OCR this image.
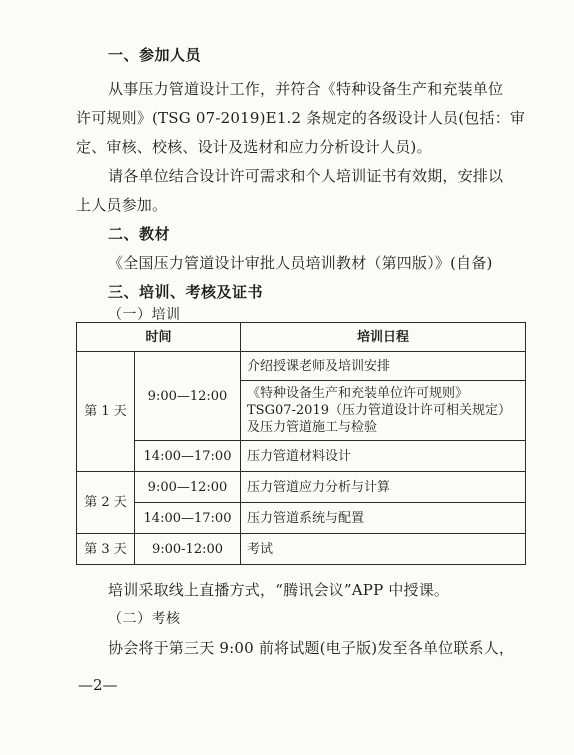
一、参加人员
从事压力管道设计工作，并符合《特种设备生产和充装单位
许可规则》(TSG 07-2019)E1.2 条规定的各级设计人员(包括：审
定、审核、校核、设计及选材和应力分析设计人员)。
请各单位结合设计许可需求和个人培训证书有效期，安排以
上人员参加。
二、教材
《全国压力管道设计审批人员培训教材（第四版）》(自备)
三、培训、考核及证书
（一）培训
时间		培训日程
第 1 天	9:00—12:00	介绍授课老师及培训安排

		《特种设备生产和充装单位许可规则》
TSG07-2019（压力管道设计许可相关规定）
及压力管道施工与检验

	14:00—17:00	压力管道材料设计
第 2 天	9:00—12:00	压力管道应力分析与计算
	14:00—17:00	压力管道系统与配置
第 3 天	9:00-12:00	考试
培训采取线上直播方式，“腾讯会议”APP 中授课。
（二）考核
协会将于第三天 9:00 前将试题(电子版)发至各单位联系人，
—2—
